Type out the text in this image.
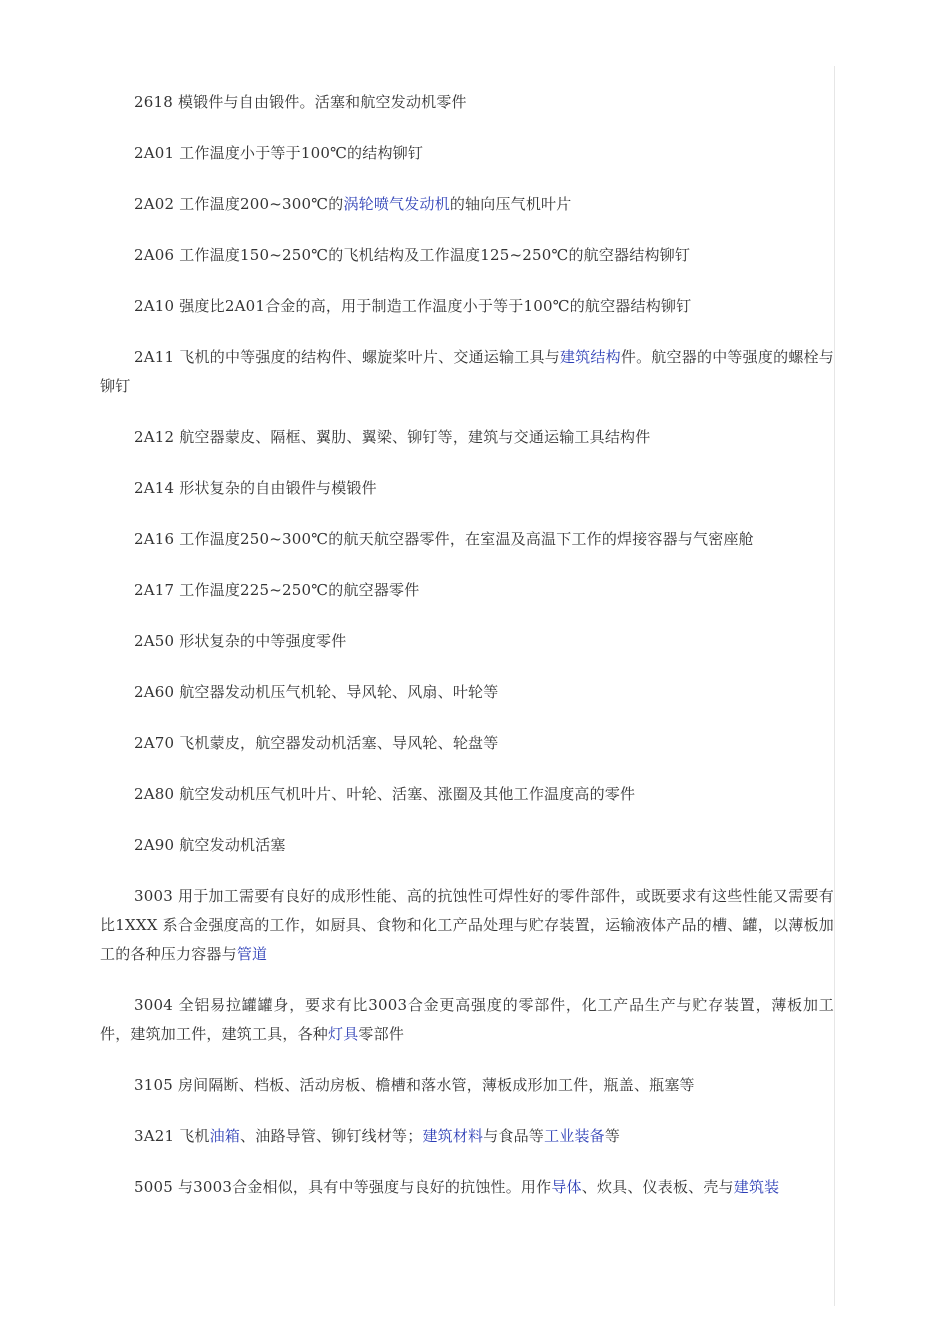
2618 模锻件与自由锻件。活塞和航空发动机零件

2A01 工作温度小于等于100℃的结构铆钉

2A02 工作温度200~300℃的涡轮喷气发动机的轴向压气机叶片

2A06 工作温度150~250℃的飞机结构及工作温度125~250℃的航空器结构铆钉

2A10 强度比2A01合金的高，用于制造工作温度小于等于100℃的航空器结构铆钉

2A11 飞机的中等强度的结构件、螺旋桨叶片、交通运输工具与建筑结构件。航空器的中等强度的螺栓与铆钉

2A12 航空器蒙皮、隔框、翼肋、翼梁、铆钉等，建筑与交通运输工具结构件

2A14 形状复杂的自由锻件与模锻件

2A16 工作温度250~300℃的航天航空器零件，在室温及高温下工作的焊接容器与气密座舱

2A17 工作温度225~250℃的航空器零件

2A50 形状复杂的中等强度零件

2A60 航空器发动机压气机轮、导风轮、风扇、叶轮等

2A70 飞机蒙皮，航空器发动机活塞、导风轮、轮盘等

2A80 航空发动机压气机叶片、叶轮、活塞、涨圈及其他工作温度高的零件

2A90 航空发动机活塞

3003 用于加工需要有良好的成形性能、高的抗蚀性可焊性好的零件部件，或既要求有这些性能又需要有比1XXX 系合金强度高的工作，如厨具、食物和化工产品处理与贮存装置，运输液体产品的槽、罐，以薄板加工的各种压力容器与管道

3004 全铝易拉罐罐身，要求有比3003合金更高强度的零部件，化工产品生产与贮存装置，薄板加工件，建筑加工件，建筑工具，各种灯具零部件

3105 房间隔断、档板、活动房板、檐槽和落水管，薄板成形加工件，瓶盖、瓶塞等

3A21 飞机油箱、油路导管、铆钉线材等；建筑材料与食品等工业装备等

5005 与3003合金相似，具有中等强度与良好的抗蚀性。用作导体、炊具、仪表板、壳与建筑装
